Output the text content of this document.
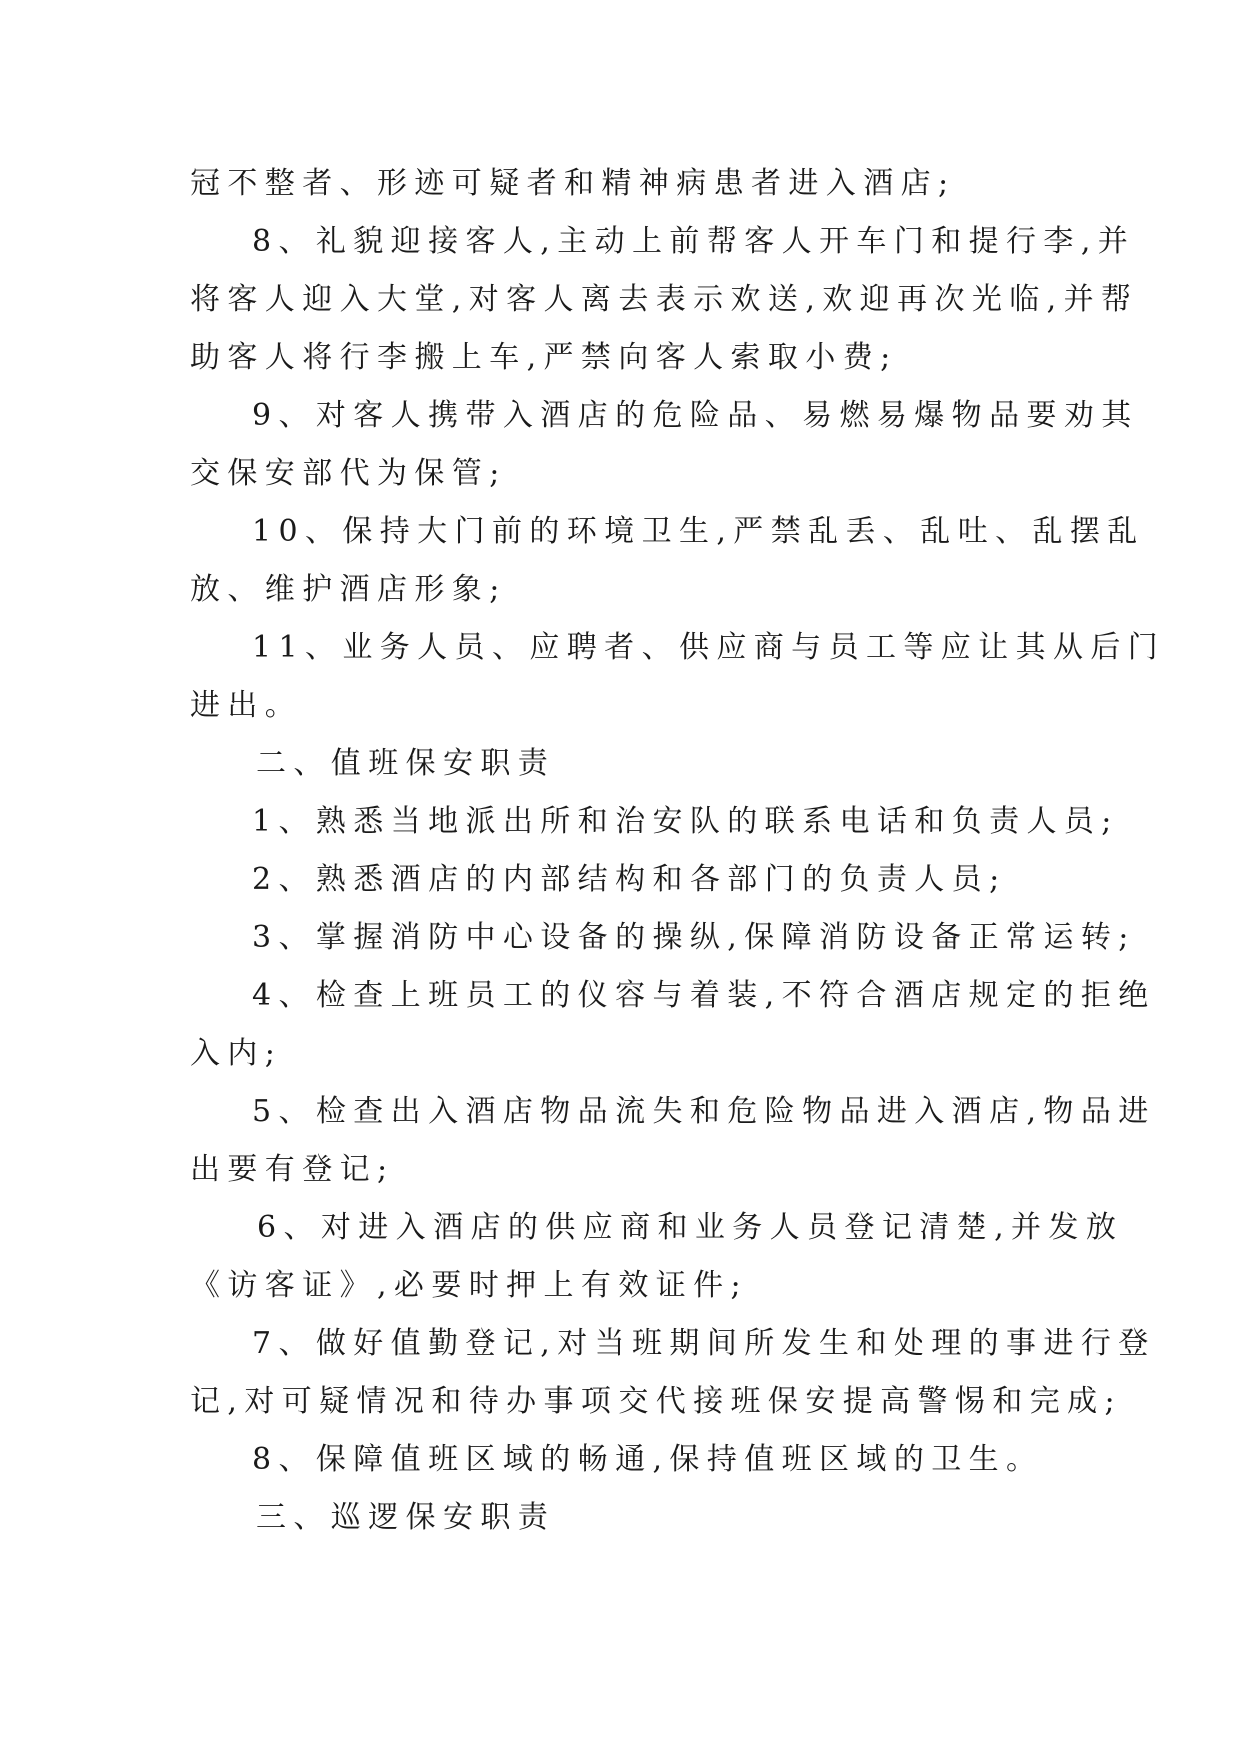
冠不整者、形迹可疑者和精神病患者进入酒店;
8、礼貌迎接客人,主动上前帮客人开车门和提行李,并
将客人迎入大堂,对客人离去表示欢送,欢迎再次光临,并帮
助客人将行李搬上车,严禁向客人索取小费;
9、对客人携带入酒店的危险品、易燃易爆物品要劝其
交保安部代为保管;
10、保持大门前的环境卫生,严禁乱丢、乱吐、乱摆乱
放、维护酒店形象;
11、业务人员、应聘者、供应商与员工等应让其从后门
进出。
二、值班保安职责
1、熟悉当地派出所和治安队的联系电话和负责人员;
2、熟悉酒店的内部结构和各部门的负责人员;
3、掌握消防中心设备的操纵,保障消防设备正常运转;
4、检查上班员工的仪容与着装,不符合酒店规定的拒绝
入内;
5、检查出入酒店物品流失和危险物品进入酒店,物品进
出要有登记;
6、对进入酒店的供应商和业务人员登记清楚,并发放
《访客证》,必要时押上有效证件;
7、做好值勤登记,对当班期间所发生和处理的事进行登
记,对可疑情况和待办事项交代接班保安提高警惕和完成;
8、保障值班区域的畅通,保持值班区域的卫生。
三、巡逻保安职责
